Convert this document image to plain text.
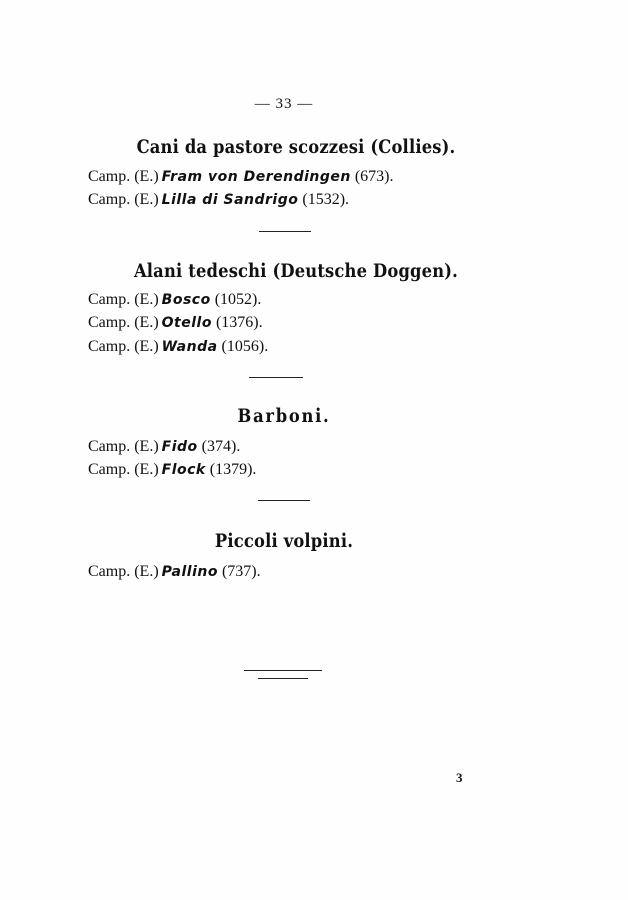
— 33 —
Cani da pastore scozzesi (Collies).
Camp. (E.) Fram von Derendingen (673).
Camp. (E.) Lilla di Sandrigo (1532).
Alani tedeschi (Deutsche Doggen).
Camp. (E.) Bosco (1052).
Camp. (E.) Otello (1376).
Camp. (E.) Wanda (1056).
Barboni.
Camp. (E.) Fido (374).
Camp. (E.) Flock (1379).
Piccoli volpini.
Camp. (E.) Pallino (737).
3
